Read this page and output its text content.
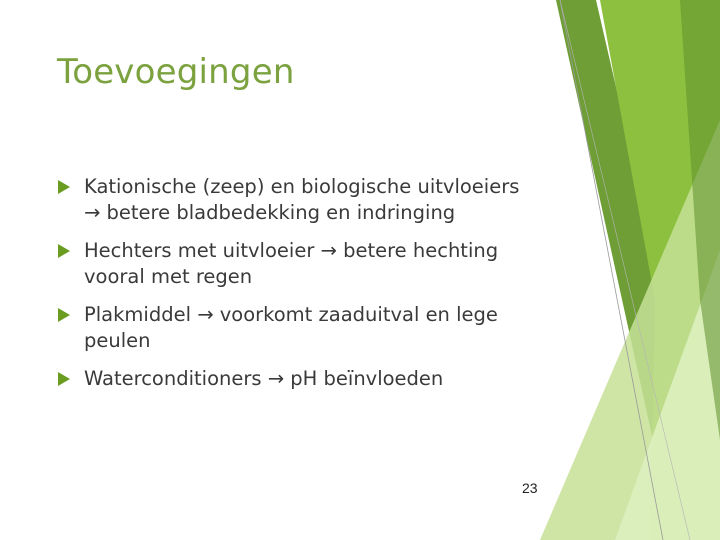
Toevoegingen
Kationische (zeep) en biologische uitvloeiers → betere bladbedekking en indringing
Hechters met uitvloeier → betere hechting vooral met regen
Plakmiddel → voorkomt zaaduitval en lege peulen
Waterconditioners → pH beïnvloeden
23
